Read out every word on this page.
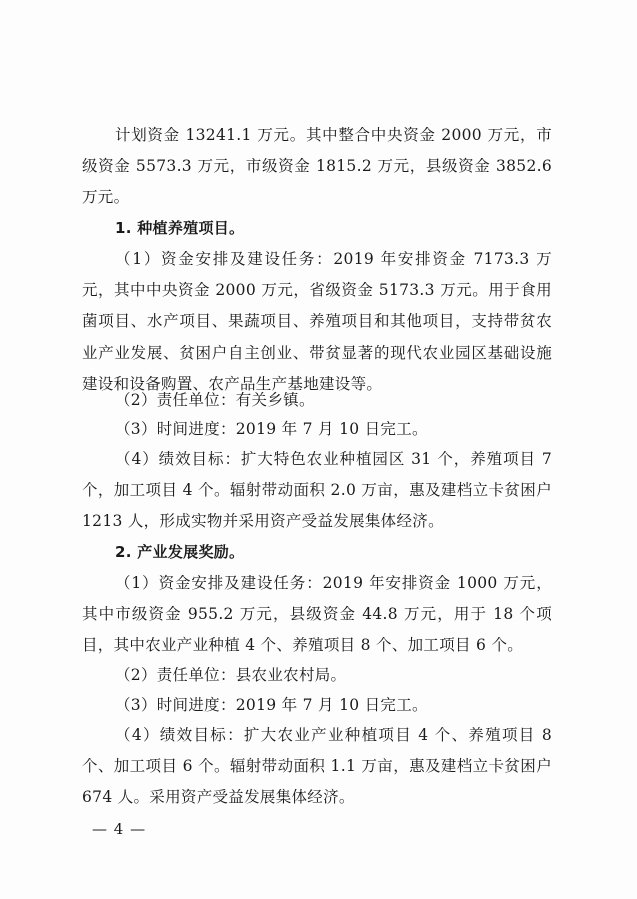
计划资金 13241.1 万元。其中整合中央资金 2000 万元，市级资金 5573.3 万元，市级资金 1815.2 万元，县级资金 3852.6 万元。

1. 种植养殖项目。

（1）资金安排及建设任务：2019 年安排资金 7173.3 万元，其中中央资金 2000 万元，省级资金 5173.3 万元。用于食用菌项目、水产项目、果蔬项目、养殖项目和其他项目，支持带贫农业产业发展、贫困户自主创业、带贫显著的现代农业园区基础设施建设和设备购置、农产品生产基地建设等。

（2）责任单位：有关乡镇。

（3）时间进度：2019 年 7 月 10 日完工。

（4）绩效目标：扩大特色农业种植园区 31 个，养殖项目 7 个，加工项目 4 个。辐射带动面积 2.0 万亩，惠及建档立卡贫困户 1213 人，形成实物并采用资产受益发展集体经济。

2. 产业发展奖励。

（1）资金安排及建设任务：2019 年安排资金 1000 万元，其中市级资金 955.2 万元，县级资金 44.8 万元，用于 18 个项目，其中农业产业种植 4 个、养殖项目 8 个、加工项目 6 个。

（2）责任单位：县农业农村局。

（3）时间进度：2019 年 7 月 10 日完工。

（4）绩效目标：扩大农业产业种植项目 4 个、养殖项目 8 个、加工项目 6 个。辐射带动面积 1.1 万亩，惠及建档立卡贫困户 674 人。采用资产受益发展集体经济。

— 4 —
